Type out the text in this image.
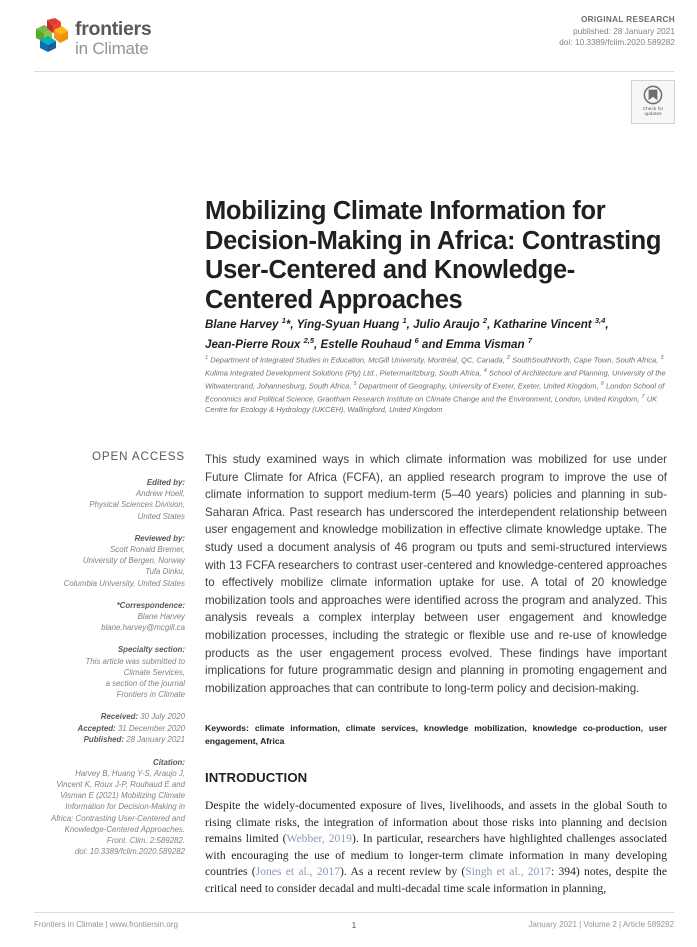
frontiers
in Climate
ORIGINAL RESEARCH
published: 28 January 2021
doi: 10.3389/fclim.2020.589282
Check for
updates
Mobilizing Climate Information for Decision-Making in Africa: Contrasting User-Centered and Knowledge-Centered Approaches
Blane Harvey $^1$*, Ying-Syuan Huang $^1$, Julio Araujo $^2$, Katharine Vincent $^{3,4}$,
Jean-Pierre Roux $^{2,5}$, Estelle Rouhaud $^6$ and Emma Visman $^7$
$^1$ Department of Integrated Studies in Education, McGill University, Montréal, QC, Canada, $^2$ SouthSouthNorth, Cape Town, South Africa, $^3$ Kulima Integrated Development Solutions (Pty) Ltd., Pietermaritzburg, South Africa, $^4$ School of Architecture and Planning, University of the Witwatersrand, Johannesburg, South Africa, $^5$ Department of Geography, University of Exeter, Exeter, United Kingdom, $^6$ London School of Economics and Political Science, Grantham Research Institute on Climate Change and the Environment, London, United Kingdom, $^7$ UK Centre for Ecology & Hydrology (UKCEH), Wallingford, United Kingdom
OPEN ACCESS
Edited by:
Andrew Hoell,
Physical Sciences Division,
United States
Reviewed by:
Scott Ronald Bremer,
University of Bergen, Norway
Tufa Dinku,
Columbia University, United States
*Correspondence:
Blane Harvey
blane.harvey@mcgill.ca
Specialty section:
This article was submitted to
Climate Services,
a section of the journal
Frontiers in Climate
Received: 30 July 2020
Accepted: 31 December 2020
Published: 28 January 2021
Citation:
Harvey B, Huang Y-S, Araujo J,
Vincent K, Roux J-P, Rouhaud E and
Visman E (2021) Mobilizing Climate
Information for Decision-Making in
Africa: Contrasting User-Centered and
Knowledge-Centered Approaches.
Front. Clim. 2:589282.
doi: 10.3389/fclim.2020.589282
This study examined ways in which climate information was mobilized for use under Future Climate for Africa (FCFA), an applied research program to improve the use of climate information to support medium-term (5–40 years) policies and planning in sub-Saharan Africa. Past research has underscored the interdependent relationship between user engagement and knowledge mobilization in effective climate knowledge uptake. The study used a document analysis of 46 program ou tputs and semi-structured interviews with 13 FCFA researchers to contrast user-centered and knowledge-centered approaches to effectively mobilize climate information uptake for use. A total of 20 knowledge mobilization tools and approaches were identified across the program and analyzed. This analysis reveals a complex interplay between user engagement and knowledge mobilization processes, including the strategic or flexible use and re-use of knowledge products as the user engagement process evolved. These findings have important implications for future programmatic design and planning in promoting engagement and mobilization approaches that can contribute to long-term policy and decision-making.
Keywords: climate information, climate services, knowledge mobilization, knowledge co-production, user engagement, Africa
INTRODUCTION
Despite the widely-documented exposure of lives, livelihoods, and assets in the global South to rising climate risks, the integration of information about those risks into planning and decision remains limited (Webber, 2019). In particular, researchers have highlighted challenges associated with encouraging the use of medium to longer-term climate information in many developing countries (Jones et al., 2017). As a recent review by (Singh et al., 2017: 394) notes, despite the critical need to consider decadal and multi-decadal time scale information in planning,
Frontiers in Climate | www.frontiersin.org	1	January 2021 | Volume 2 | Article 589282
